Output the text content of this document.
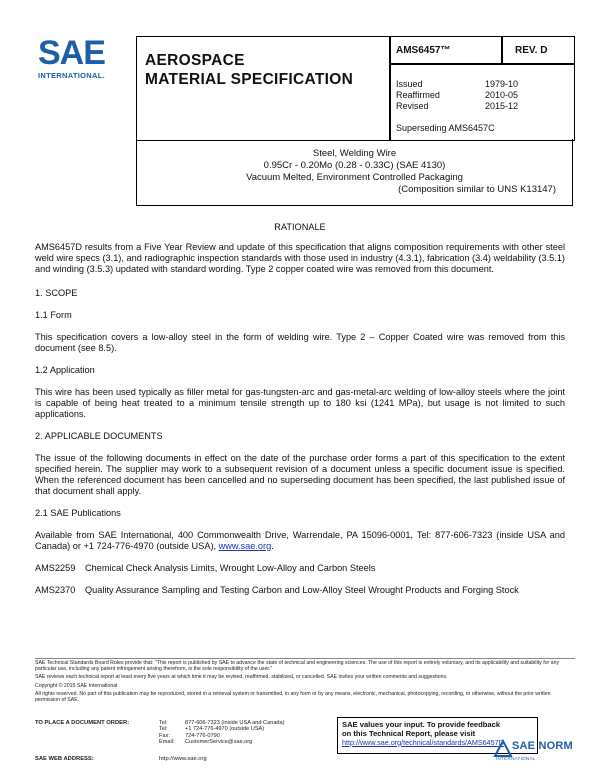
SAE
INTERNATIONAL.
AEROSPACE
MATERIAL SPECIFICATION
AMS6457™	REV. D
Issued	1979-10
Reaffirmed	2010-05
Revised	2015-12
Superseding AMS6457C
Steel, Welding Wire
0.95Cr - 0.20Mo (0.28 - 0.33C) (SAE 4130)
Vacuum Melted, Environment Controlled Packaging
(Composition similar to UNS K13147)

RATIONALE

AMS6457D results from a Five Year Review and update of this specification that aligns composition requirements with other steel weld wire specs (3.1), and radiographic inspection standards with those used in industry (4.3.1), fabrication (3.4) weldability (3.5.1) and winding (3.5.3) updated with standard wording. Type 2 copper coated wire was removed from this document.

1. SCOPE

1.1 Form

This specification covers a low-alloy steel in the form of welding wire. Type 2 – Copper Coated wire was removed from this document (see 8.5).

1.2 Application

This wire has been used typically as filler metal for gas-tungsten-arc and gas-metal-arc welding of low-alloy steels where the joint is capable of being heat treated to a minimum tensile strength up to 180 ksi (1241 MPa), but usage is not limited to such applications.

2. APPLICABLE DOCUMENTS

The issue of the following documents in effect on the date of the purchase order forms a part of this specification to the extent specified herein. The supplier may work to a subsequent revision of a document unless a specific document issue is specified. When the referenced document has been cancelled and no superseding document has been specified, the last published issue of that document shall apply.

2.1 SAE Publications

Available from SAE International, 400 Commonwealth Drive, Warrendale, PA 15096-0001, Tel: 877-606-7323 (inside USA and Canada) or +1 724-776-4970 (outside USA), www.sae.org.

AMS2259	Chemical Check Analysis Limits, Wrought Low-Alloy and Carbon Steels
AMS2370	Quality Assurance Sampling and Testing Carbon and Low-Alloy Steel Wrought Products and Forging Stock

SAE Technical Standards Board Rules provide that: "This report is published by SAE to advance the state of technical and engineering sciences. The use of this report is entirely voluntary, and its applicability and suitability for any particular use, including any patent infringement arising therefrom, is the sole responsibility of the user."

SAE reviews each technical report at least every five years at which time it may be revised, reaffirmed, stabilized, or cancelled. SAE invites your written comments and suggestions.

Copyright © 2015 SAE International

All rights reserved. No part of this publication may be reproduced, stored in a retrieval system or transmitted, in any form or by any means, electronic, mechanical, photocopying, recording, or otherwise, without the prior written permission of SAE.

TO PLACE A DOCUMENT ORDER:	Tel:	877-606-7323 (inside USA and Canada)
Tel:	+1 724-776-4970 (outside USA)
Fax:	724-776-0790
Email:	CustomerService@sae.org
SAE WEB ADDRESS:	http://www.sae.org
SAE values your input. To provide feedback
on this Technical Report, please visit
http://www.sae.org/technical/standards/AMS6457D SAE NORM
INTERNATIONAL
